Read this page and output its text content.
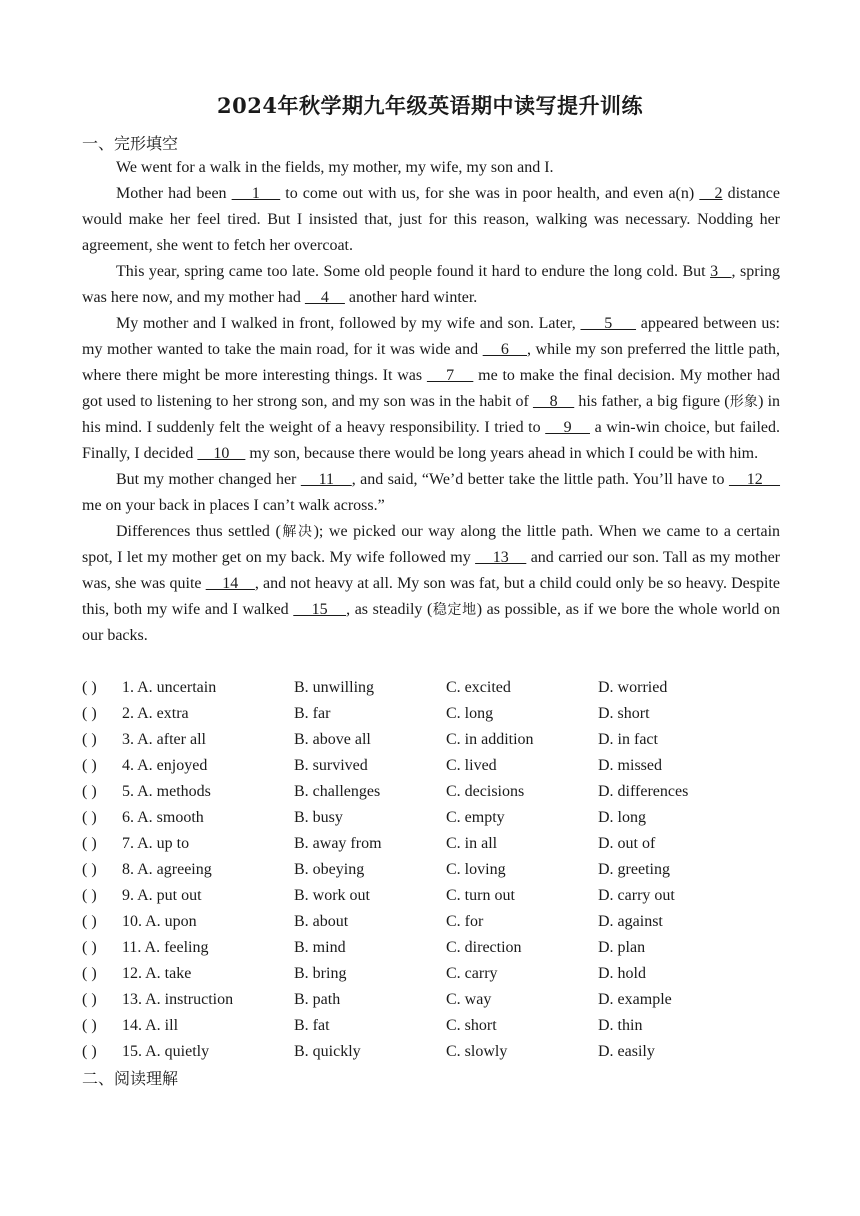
2024年秋学期九年级英语期中读写提升训练
一、完形填空

We went for a walk in the fields, my mother, my wife, my son and I.

Mother had been     1     to come out with us, for she was in poor health, and even a(n)    2 distance would make her feel tired. But I insisted that, just for this reason, walking was necessary. Nodding her agreement, she went to fetch her overcoat.

This year, spring came too late. Some old people found it hard to endure the long cold. But 3   , spring was here now, and my mother had     4     another hard winter.

My mother and I walked in front, followed by my wife and son. Later,      5      appeared between us: my mother wanted to take the main road, for it was wide and     6    , while my son preferred the little path, where there might be more interesting things. It was     7     me to make the final decision. My mother had got used to listening to her strong son, and my son was in the habit of     8     his father, a big figure (形象) in his mind. I suddenly felt the weight of a heavy responsibility. I tried to     9     a win-win choice, but failed. Finally, I decided     10     my son, because there would be long years ahead in which I could be with him.

But my mother changed her     11    , and said, “We’d better take the little path. You’ll have to     12     me on your back in places I can’t walk across.”

Differences thus settled (解决); we picked our way along the little path. When we came to a certain spot, I let my mother get on my back. My wife followed my     13     and carried our son. Tall as my mother was, she was quite     14    , and not heavy at all. My son was fat, but a child could only be so heavy. Despite this, both my wife and I walked     15    , as steadily (稳定地) as possible, as if we bore the whole world on our backs.

( ) 1. A. uncertain	B. unwilling	C. excited	D. worried
( ) 2. A. extra	B. far	C. long	D. short
( ) 3. A. after all	B. above all	C. in addition	D. in fact
( ) 4. A. enjoyed	B. survived	C. lived	D. missed
( ) 5. A. methods	B. challenges	C. decisions	D. differences
( ) 6. A. smooth	B. busy	C. empty	D. long
( ) 7. A. up to	B. away from	C. in all	D. out of
( ) 8. A. agreeing	B. obeying	C. loving	D. greeting
( ) 9. A. put out	B. work out	C. turn out	D. carry out
( ) 10. A. upon	B. about	C. for	D. against
( ) 11. A. feeling	B. mind	C. direction	D. plan
( ) 12. A. take	B. bring	C. carry	D. hold
( ) 13. A. instruction	B. path	C. way	D. example
( ) 14. A. ill	B. fat	C. short	D. thin
( ) 15. A. quietly	B. quickly	C. slowly	D. easily
二、阅读理解
